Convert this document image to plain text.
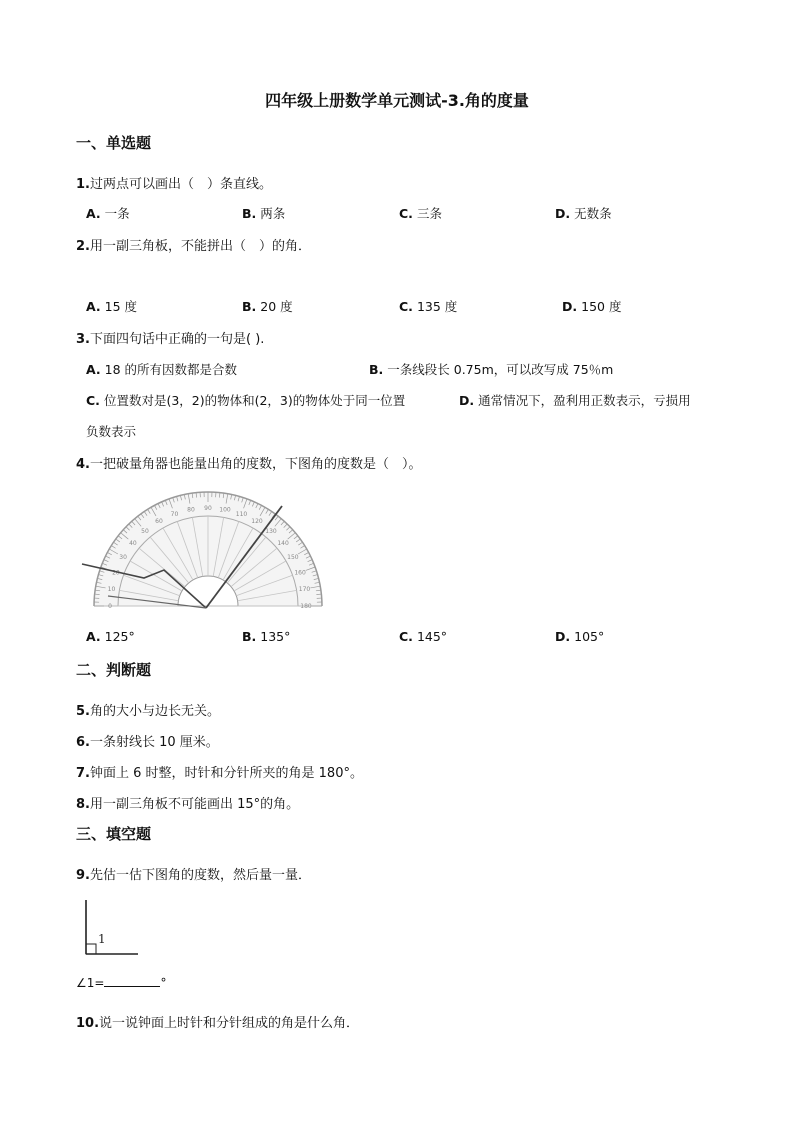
四年级上册数学单元测试-3.角的度量
一、单选题
1.过两点可以画出（　）条直线。
A. 一条	B. 两条	C. 三条	D. 无数条
2.用一副三角板，不能拼出（　）的角．
A. 15 度	B. 20 度	C. 135 度	D. 150 度
3.下面四句话中正确的一句是( ).
A. 18 的所有因数都是合数	B. 一条线段长 0.75m，可以改写成 75％m
C. 位置数对是(3，2)的物体和(2，3)的物体处于同一位置	D. 通常情况下，盈利用正数表示，亏损用
负数表示
4.一把破量角器也能量出角的度数，下图角的度数是（　）。
0
10
20
30
40
50
60
70
80 90 100
110
120
130
140
150
160
170
180
A. 125°	B. 135°	C. 145°	D. 105°
二、判断题
5.角的大小与边长无关。
6.一条射线长 10 厘米。
7.钟面上 6 时整，时针和分针所夹的角是 180°。
8.用一副三角板不可能画出 15°的角。
三、填空题
9.先估一估下图角的度数，然后量一量．
1
∠1=	°
10.说一说钟面上时针和分针组成的角是什么角．
